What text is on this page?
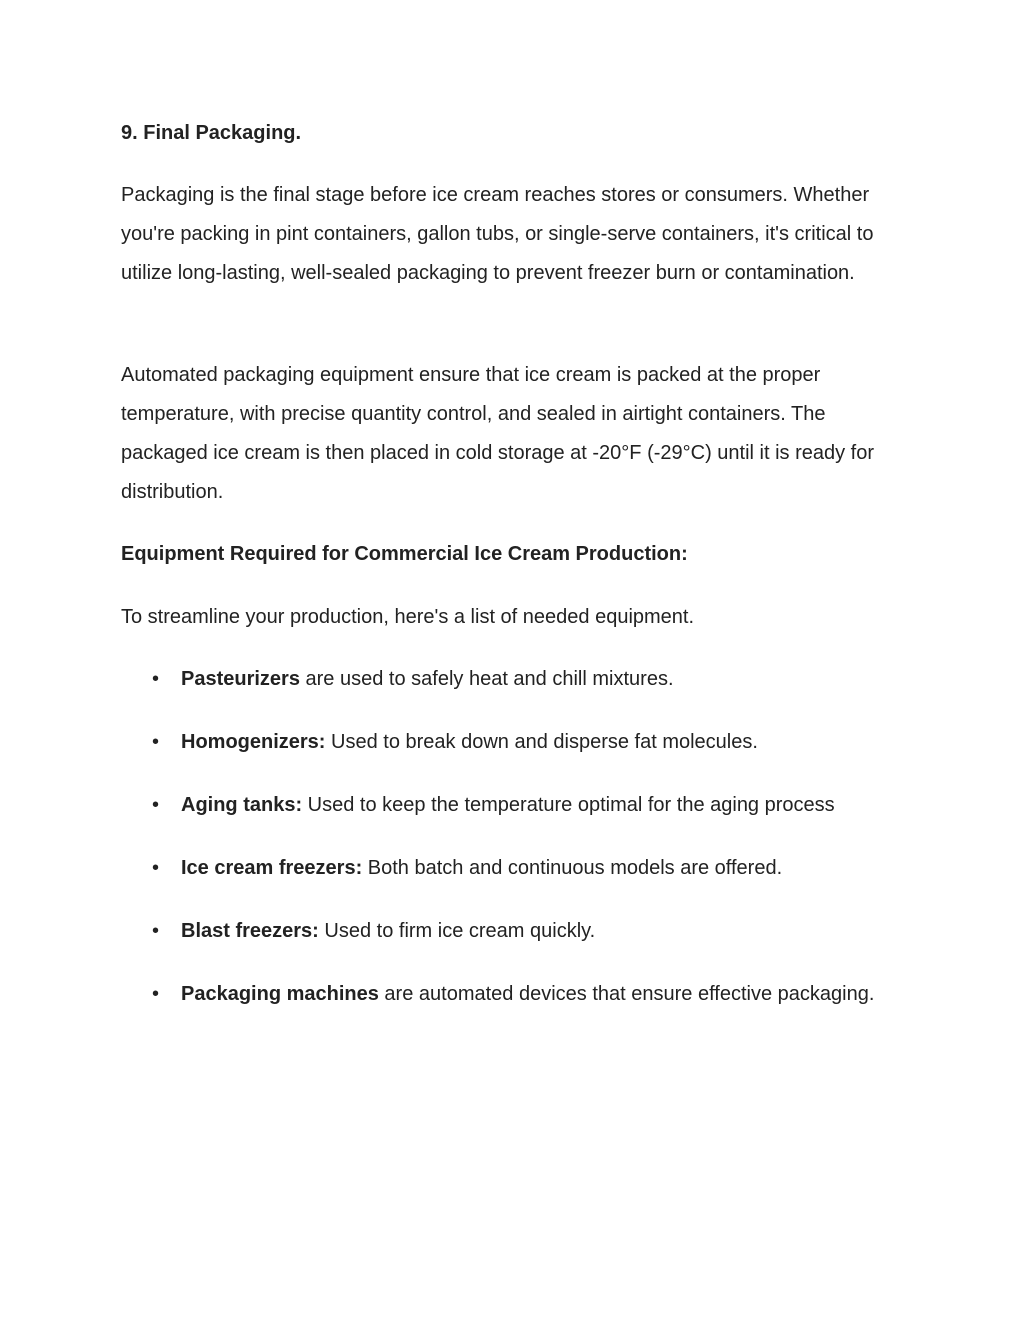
9. Final Packaging.

Packaging is the final stage before ice cream reaches stores or consumers. Whether you're packing in pint containers, gallon tubs, or single-serve containers, it's critical to utilize long-lasting, well-sealed packaging to prevent freezer burn or contamination.

Automated packaging equipment ensure that ice cream is packed at the proper temperature, with precise quantity control, and sealed in airtight containers. The packaged ice cream is then placed in cold storage at -20°F (-29°C) until it is ready for distribution.

Equipment Required for Commercial Ice Cream Production:

To streamline your production, here's a list of needed equipment.

• Pasteurizers are used to safely heat and chill mixtures.
• Homogenizers: Used to break down and disperse fat molecules.
• Aging tanks: Used to keep the temperature optimal for the aging process
• Ice cream freezers: Both batch and continuous models are offered.
• Blast freezers: Used to firm ice cream quickly.
• Packaging machines are automated devices that ensure effective packaging.
